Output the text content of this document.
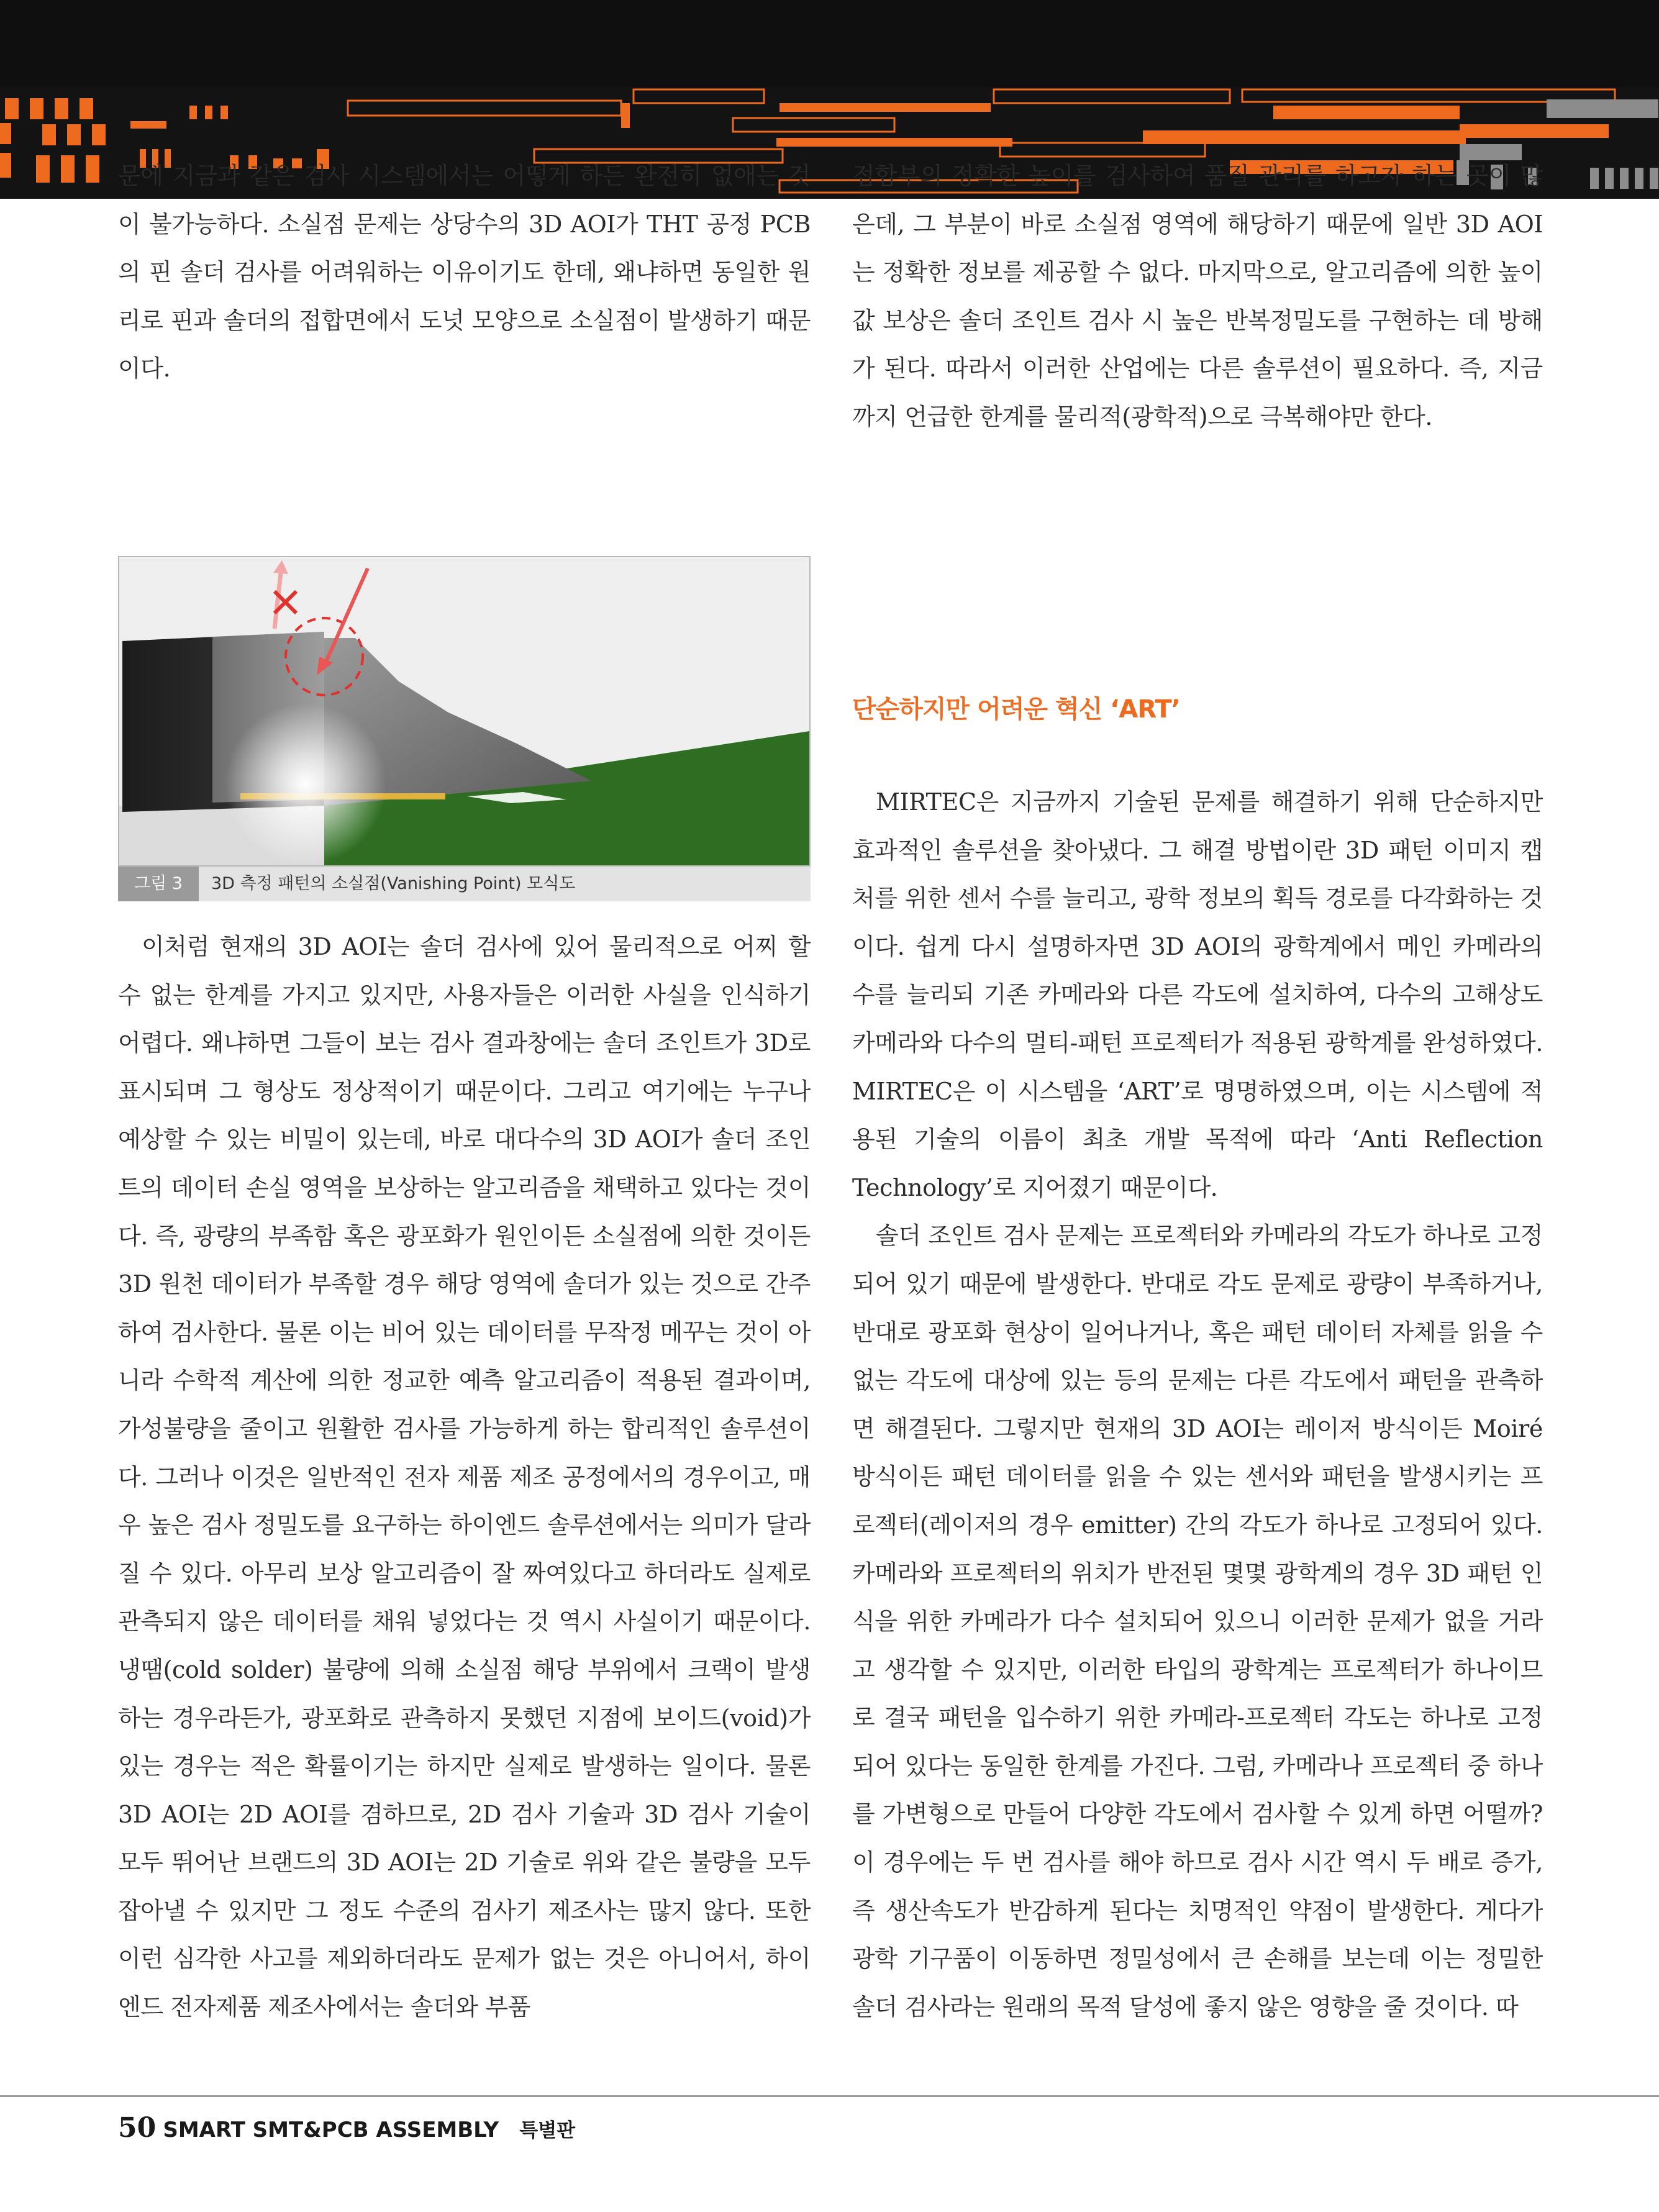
문에 지금과 같은 검사 시스템에서는 어떻게 하든 완전히 없애는 것이 불가능하다. 소실점 문제는 상당수의 3D AOI가 THT 공정 PCB의 핀 솔더 검사를 어려워하는 이유이기도 한데, 왜냐하면 동일한 원리로 핀과 솔더의 접합면에서 도넛 모양으로 소실점이 발생하기 때문이다.

그림 3	3D 측정 패턴의 소실점(Vanishing Point) 모식도

이처럼 현재의 3D AOI는 솔더 검사에 있어 물리적으로 어찌 할 수 없는 한계를 가지고 있지만, 사용자들은 이러한 사실을 인식하기 어렵다. 왜냐하면 그들이 보는 검사 결과창에는 솔더 조인트가 3D로 표시되며 그 형상도 정상적이기 때문이다. 그리고 여기에는 누구나 예상할 수 있는 비밀이 있는데, 바로 대다수의 3D AOI가 솔더 조인트의 데이터 손실 영역을 보상하는 알고리즘을 채택하고 있다는 것이다. 즉, 광량의 부족함 혹은 광포화가 원인이든 소실점에 의한 것이든 3D 원천 데이터가 부족할 경우 해당 영역에 솔더가 있는 것으로 간주하여 검사한다. 물론 이는 비어 있는 데이터를 무작정 메꾸는 것이 아니라 수학적 계산에 의한 정교한 예측 알고리즘이 적용된 결과이며, 가성불량을 줄이고 원활한 검사를 가능하게 하는 합리적인 솔루션이다. 그러나 이것은 일반적인 전자 제품 제조 공정에서의 경우이고, 매우 높은 검사 정밀도를 요구하는 하이엔드 솔루션에서는 의미가 달라질 수 있다. 아무리 보상 알고리즘이 잘 짜여있다고 하더라도 실제로 관측되지 않은 데이터를 채워 넣었다는 것 역시 사실이기 때문이다. 냉땜(cold solder) 불량에 의해 소실점 해당 부위에서 크랙이 발생하는 경우라든가, 광포화로 관측하지 못했던 지점에 보이드(void)가 있는 경우는 적은 확률이기는 하지만 실제로 발생하는 일이다. 물론 3D AOI는 2D AOI를 겸하므로, 2D 검사 기술과 3D 검사 기술이 모두 뛰어난 브랜드의 3D AOI는 2D 기술로 위와 같은 불량을 모두 잡아낼 수 있지만 그 정도 수준의 검사기 제조사는 많지 않다. 또한 이런 심각한 사고를 제외하더라도 문제가 없는 것은 아니어서, 하이엔드 전자제품 제조사에서는 솔더와 부품

접합부의 정확한 높이를 검사하여 품질 관리를 하고자 하는 곳이 많은데, 그 부분이 바로 소실점 영역에 해당하기 때문에 일반 3D AOI는 정확한 정보를 제공할 수 없다. 마지막으로, 알고리즘에 의한 높이값 보상은 솔더 조인트 검사 시 높은 반복정밀도를 구현하는 데 방해가 된다. 따라서 이러한 산업에는 다른 솔루션이 필요하다. 즉, 지금까지 언급한 한계를 물리적(광학적)으로 극복해야만 한다.

단순하지만 어려운 혁신 ‘ART’

MIRTEC은 지금까지 기술된 문제를 해결하기 위해 단순하지만 효과적인 솔루션을 찾아냈다. 그 해결 방법이란 3D 패턴 이미지 캡처를 위한 센서 수를 늘리고, 광학 정보의 획득 경로를 다각화하는 것이다. 쉽게 다시 설명하자면 3D AOI의 광학계에서 메인 카메라의 수를 늘리되 기존 카메라와 다른 각도에 설치하여, 다수의 고해상도 카메라와 다수의 멀티-패턴 프로젝터가 적용된 광학계를 완성하였다. MIRTEC은 이 시스템을 ‘ART’로 명명하였으며, 이는 시스템에 적용된 기술의 이름이 최초 개발 목적에 따라 ‘Anti Reflection Technology’로 지어졌기 때문이다.

솔더 조인트 검사 문제는 프로젝터와 카메라의 각도가 하나로 고정되어 있기 때문에 발생한다. 반대로 각도 문제로 광량이 부족하거나, 반대로 광포화 현상이 일어나거나, 혹은 패턴 데이터 자체를 읽을 수 없는 각도에 대상에 있는 등의 문제는 다른 각도에서 패턴을 관측하면 해결된다. 그렇지만 현재의 3D AOI는 레이저 방식이든 Moiré 방식이든 패턴 데이터를 읽을 수 있는 센서와 패턴을 발생시키는 프로젝터(레이저의 경우 emitter) 간의 각도가 하나로 고정되어 있다. 카메라와 프로젝터의 위치가 반전된 몇몇 광학계의 경우 3D 패턴 인식을 위한 카메라가 다수 설치되어 있으니 이러한 문제가 없을 거라고 생각할 수 있지만, 이러한 타입의 광학계는 프로젝터가 하나이므로 결국 패턴을 입수하기 위한 카메라-프로젝터 각도는 하나로 고정되어 있다는 동일한 한계를 가진다. 그럼, 카메라나 프로젝터 중 하나를 가변형으로 만들어 다양한 각도에서 검사할 수 있게 하면 어떨까? 이 경우에는 두 번 검사를 해야 하므로 검사 시간 역시 두 배로 증가, 즉 생산속도가 반감하게 된다는 치명적인 약점이 발생한다. 게다가 광학 기구품이 이동하면 정밀성에서 큰 손해를 보는데 이는 정밀한 솔더 검사라는 원래의 목적 달성에 좋지 않은 영향을 줄 것이다. 따

50 SMART SMT&PCB ASSEMBLY 특별판
